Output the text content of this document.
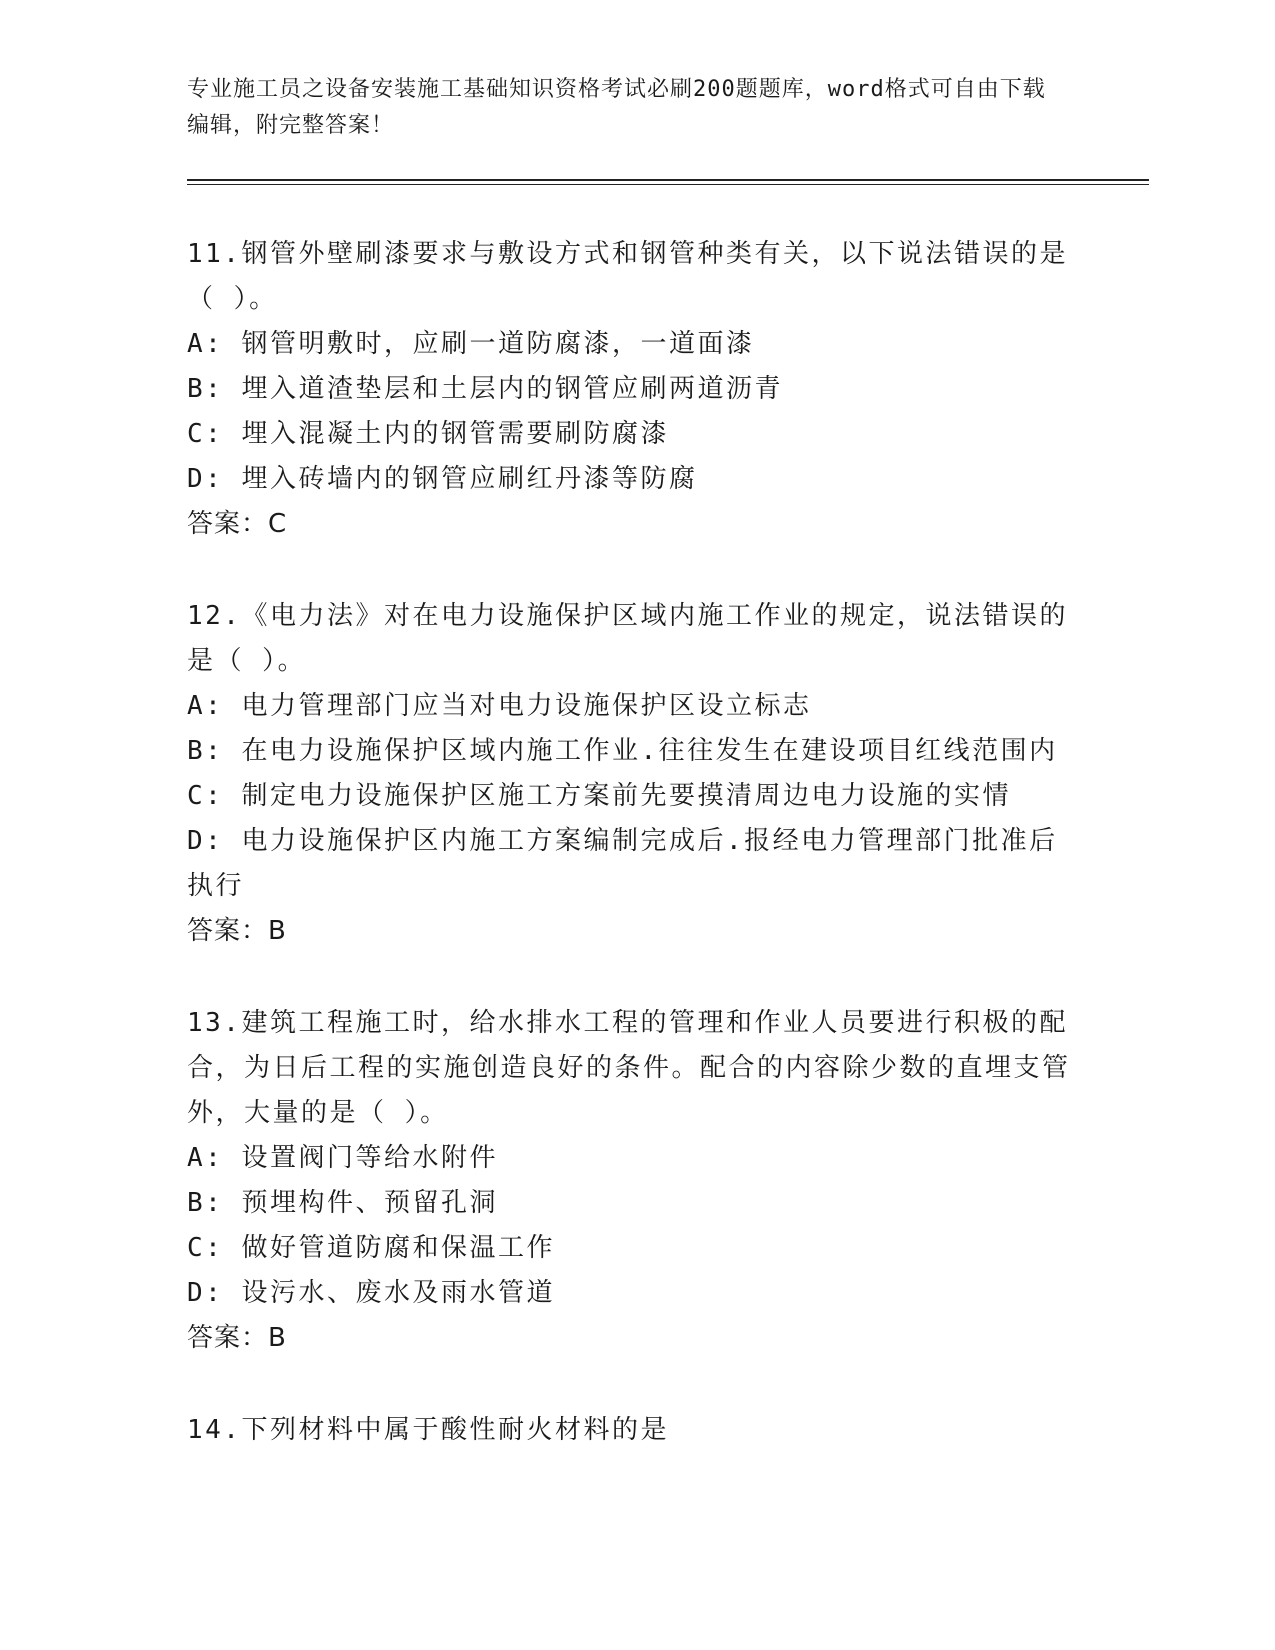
专业施工员之设备安装施工基础知识资格考试必刷200题题库，word格式可自由下载编辑，附完整答案！

11.钢管外壁刷漆要求与敷设方式和钢管种类有关，以下说法错误的是（ ）。

A: 钢管明敷时，应刷一道防腐漆，一道面漆

B: 埋入道渣垫层和土层内的钢管应刷两道沥青

C: 埋入混凝土内的钢管需要刷防腐漆

D: 埋入砖墙内的钢管应刷红丹漆等防腐

答案：C

12.《电力法》对在电力设施保护区域内施工作业的规定，说法错误的是（ ）。

A: 电力管理部门应当对电力设施保护区设立标志

B: 在电力设施保护区域内施工作业.往往发生在建设项目红线范围内

C: 制定电力设施保护区施工方案前先要摸清周边电力设施的实情

D: 电力设施保护区内施工方案编制完成后.报经电力管理部门批准后执行

答案：B

13.建筑工程施工时，给水排水工程的管理和作业人员要进行积极的配合，为日后工程的实施创造良好的条件。配合的内容除少数的直埋支管外，大量的是（ ）。

A: 设置阀门等给水附件

B: 预埋构件、预留孔洞

C: 做好管道防腐和保温工作

D: 设污水、废水及雨水管道

答案：B

14.下列材料中属于酸性耐火材料的是
